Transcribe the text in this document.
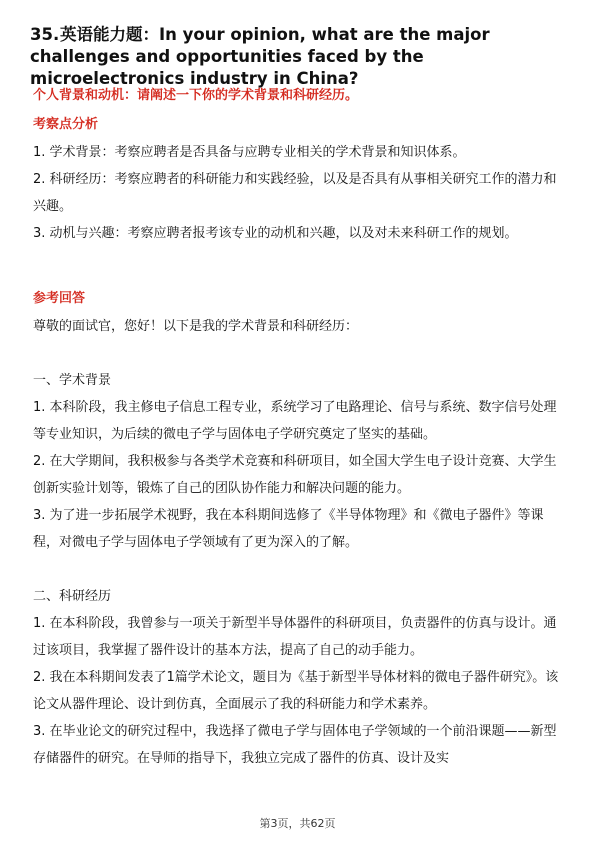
35.英语能力题：In your opinion, what are the major challenges and opportunities faced by the microelectronics industry in China?
个人背景和动机：请阐述一下你的学术背景和科研经历。
考察点分析
1. 学术背景：考察应聘者是否具备与应聘专业相关的学术背景和知识体系。
2. 科研经历：考察应聘者的科研能力和实践经验，以及是否具有从事相关研究工作的潜力和兴趣。
3. 动机与兴趣：考察应聘者报考该专业的动机和兴趣，以及对未来科研工作的规划。
参考回答
尊敬的面试官，您好！以下是我的学术背景和科研经历：
一、学术背景
1. 本科阶段，我主修电子信息工程专业，系统学习了电路理论、信号与系统、数字信号处理等专业知识，为后续的微电子学与固体电子学研究奠定了坚实的基础。
2. 在大学期间，我积极参与各类学术竞赛和科研项目，如全国大学生电子设计竞赛、大学生创新实验计划等，锻炼了自己的团队协作能力和解决问题的能力。
3. 为了进一步拓展学术视野，我在本科期间选修了《半导体物理》和《微电子器件》等课程，对微电子学与固体电子学领域有了更为深入的了解。
二、科研经历
1. 在本科阶段，我曾参与一项关于新型半导体器件的科研项目，负责器件的仿真与设计。通过该项目，我掌握了器件设计的基本方法，提高了自己的动手能力。
2. 我在本科期间发表了1篇学术论文，题目为《基于新型半导体材料的微电子器件研究》。该论文从器件理论、设计到仿真，全面展示了我的科研能力和学术素养。
3. 在毕业论文的研究过程中，我选择了微电子学与固体电子学领域的一个前沿课题——新型存储器件的研究。在导师的指导下，我独立完成了器件的仿真、设计及实
第3页，共62页
